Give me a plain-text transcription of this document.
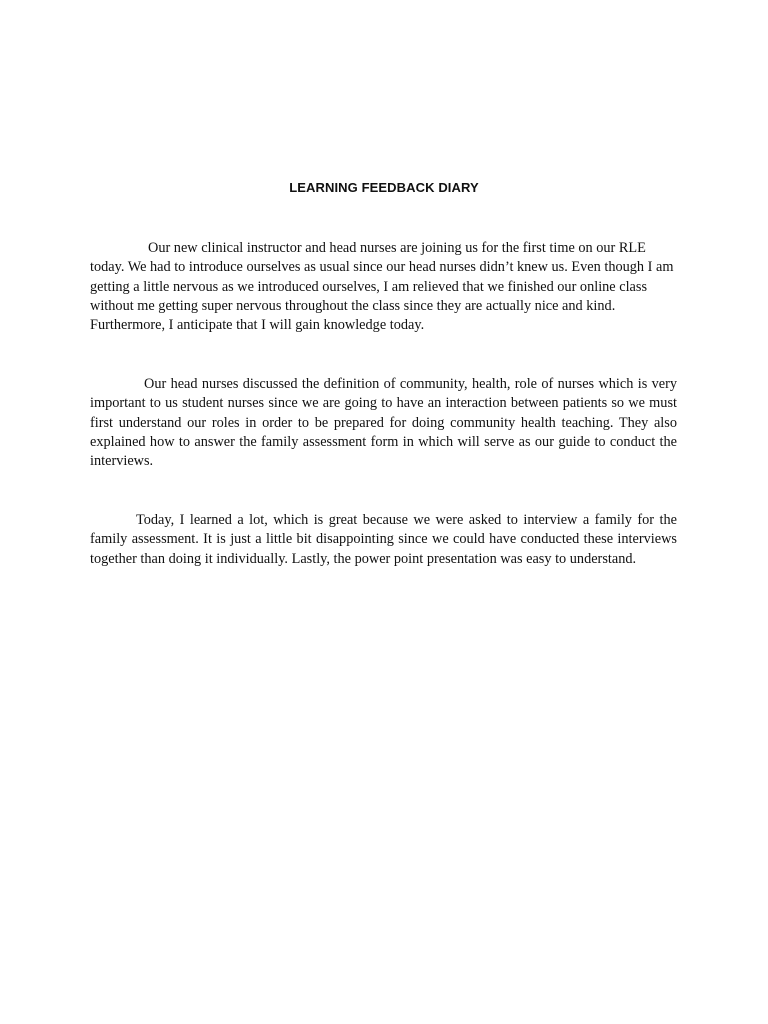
LEARNING FEEDBACK DIARY

Our new clinical instructor and head nurses are joining us for the first time on our RLE today. We had to introduce ourselves as usual since our head nurses didn’t knew us. Even though I am getting a little nervous as we introduced ourselves, I am relieved that we finished our online class without me getting super nervous throughout the class since they are actually nice and kind. Furthermore, I anticipate that I will gain knowledge today.

Our head nurses discussed the definition of community, health, role of nurses which is very important to us student nurses since we are going to have an interaction between patients so we must first understand our roles in order to be prepared for doing community health teaching. They also explained how to answer the family assessment form in which will serve as our guide to conduct the interviews.

Today, I learned a lot, which is great because we were asked to interview a family for the family assessment. It is just a little bit disappointing since we could have conducted these interviews together than doing it individually. Lastly, the power point presentation was easy to understand.
